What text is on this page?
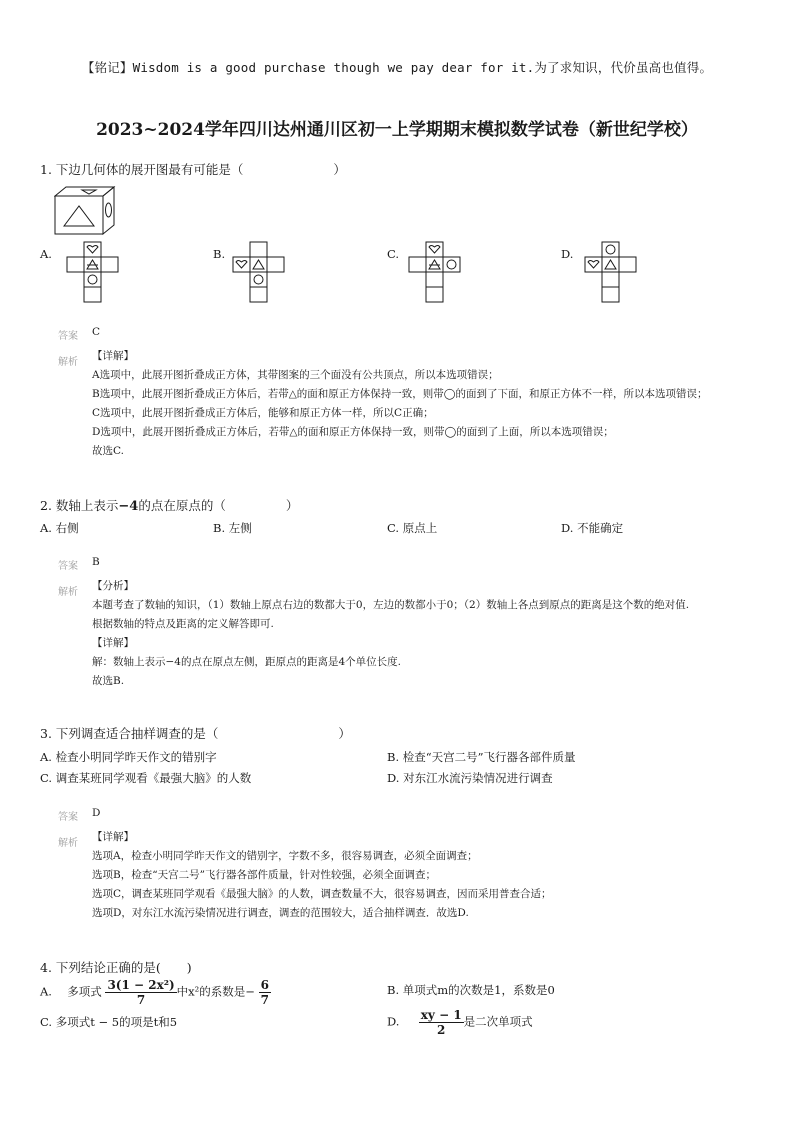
【铭记】Wisdom is a good purchase though we pay dear for it.为了求知识，代价虽高也值得。
2023~2024学年四川达州通川区初一上学期期末模拟数学试卷（新世纪学校）
1. 下边几何体的展开图最有可能是（	）
A.	B.	C.	D.
答案 C
解析
【详解】
A选项中，此展开图折叠成正方体，其带图案的三个面没有公共顶点，所以本选项错误；
B选项中，此展开图折叠成正方体后，若带△的面和原正方体保持一致，则带◯的面到了下面，和原正方体不一样，所以本选项错误；
C选项中，此展开图折叠成正方体后，能够和原正方体一样，所以C正确；
D选项中，此展开图折叠成正方体后，若带△的面和原正方体保持一致，则带◯的面到了上面，所以本选项错误；
故选C.
2. 数轴上表示−4的点在原点的（	）
A. 右侧	B. 左侧	C. 原点上	D. 不能确定
答案 B
解析
【分析】
本题考查了数轴的知识，（1）数轴上原点右边的数都大于0，左边的数都小于0；（2）数轴上各点到原点的距离是这个数的绝对值.
根据数轴的特点及距离的定义解答即可.
【详解】
解：数轴上表示−4的点在原点左侧，距原点的距离是4个单位长度.
故选B.
3. 下列调查适合抽样调查的是（	）
A. 检查小明同学昨天作文的错别字	B. 检查“天宫二号”飞行器各部件质量
C. 调查某班同学观看《最强大脑》的人数	D. 对东江水流污染情况进行调查
答案 D
解析
【详解】
选项A，检查小明同学昨天作文的错别字，字数不多，很容易调查，必须全面调查；
选项B，检查“天宫二号”飞行器各部件质量，针对性较强，必须全面调查；
选项C，调查某班同学观看《最强大脑》的人数，调查数量不大，很容易调查，因而采用普查合适；
选项D，对东江水流污染情况进行调查，调查的范围较大，适合抽样调查．故选D.
4. 下列结论正确的是( )
A. 多项式 $\frac{\text{3(1 − 2x²)}}{7}$ 中x²的系数是− $\frac{6}{7}$	B. 单项式m的次数是1，系数是0
C. 多项式t − 5的项是t和5	D. $\frac{xy - 1}{2}$ 是二次单项式
